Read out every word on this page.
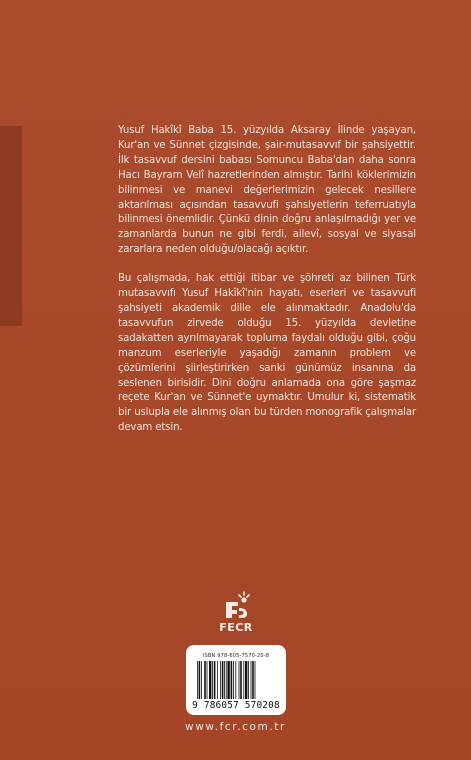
Yusuf Hakîkî Baba 15. yüzyılda Aksaray İlinde yaşayan, Kur'an ve Sünnet çizgisinde, şair-mutasavvıf bir şahsiyettir. İlk tasavvuf dersini babası Somuncu Baba'dan daha sonra Hacı Bayram Velî hazretlerinden almıştır. Tarihi köklerimizin bilinmesi ve manevi değerlerimizin gelecek nesillere aktarılması açısından tasavvufi şahsiyetlerin teferruatıyla bilinmesi önemlidir. Çünkü dinin doğru anlaşılmadığı yer ve zamanlarda bunun ne gibi ferdi, ailevî, sosyal ve siyasal zararlara neden olduğu/olacağı açıktır.

Bu çalışmada, hak ettiği itibar ve şöhreti az bilinen Türk mutasavvıfı Yusuf Hakîkî'nin hayatı, eserleri ve tasavvufi şahsiyeti akademik dille ele alınmaktadır. Anadolu'da tasavvufun zirvede olduğu 15. yüzyılda devletine sadakatten ayrılmayarak topluma faydalı olduğu gibi, çoğu manzum eserleriyle yaşadığı zamanın problem ve çözümlerini şiirleştirirken sanki günümüz insanına da seslenen birisidir. Dini doğru anlamada ona göre şaşmaz reçete Kur'an ve Sünnet'e uymaktır. Umulur ki, sistematik bir uslupla ele alınmış olan bu türden monografik çalışmalar devam etsin.

FECR
ISBN 978-605-7570-20-8
9 786057 570208
www.fcr.com.tr
